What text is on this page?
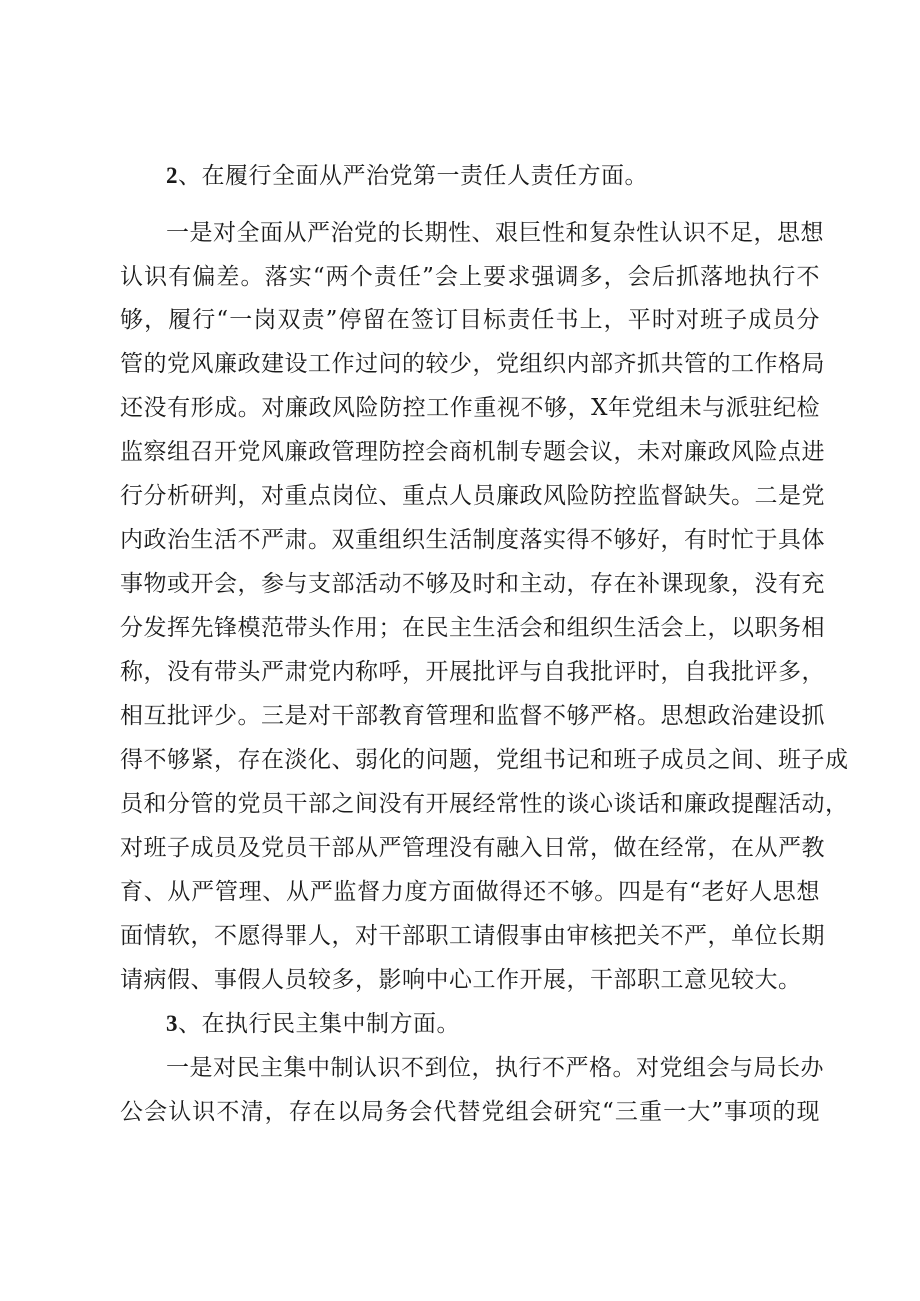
2、在履行全面从严治党第一责任人责任方面。
一是对全面从严治党的长期性、艰巨性和复杂性认识不足，思想
认识有偏差。落实“两个责任”会上要求强调多，会后抓落地执行不
够，履行“一岗双责”停留在签订目标责任书上，平时对班子成员分
管的党风廉政建设工作过问的较少，党组织内部齐抓共管的工作格局
还没有形成。对廉政风险防控工作重视不够，X年党组未与派驻纪检
监察组召开党风廉政管理防控会商机制专题会议，未对廉政风险点进
行分析研判，对重点岗位、重点人员廉政风险防控监督缺失。二是党
内政治生活不严肃。双重组织生活制度落实得不够好，有时忙于具体
事物或开会，参与支部活动不够及时和主动，存在补课现象，没有充
分发挥先锋模范带头作用；在民主生活会和组织生活会上，以职务相
称，没有带头严肃党内称呼，开展批评与自我批评时，自我批评多，
相互批评少。三是对干部教育管理和监督不够严格。思想政治建设抓
得不够紧，存在淡化、弱化的问题，党组书记和班子成员之间、班子成
员和分管的党员干部之间没有开展经常性的谈心谈话和廉政提醒活动，
对班子成员及党员干部从严管理没有融入日常，做在经常，在从严教
育、从严管理、从严监督力度方面做得还不够。四是有“老好人思想
面情软，不愿得罪人，对干部职工请假事由审核把关不严，单位长期
请病假、事假人员较多，影响中心工作开展，干部职工意见较大。
3、在执行民主集中制方面。
一是对民主集中制认识不到位，执行不严格。对党组会与局长办
公会认识不清，存在以局务会代替党组会研究“三重一大”事项的现
